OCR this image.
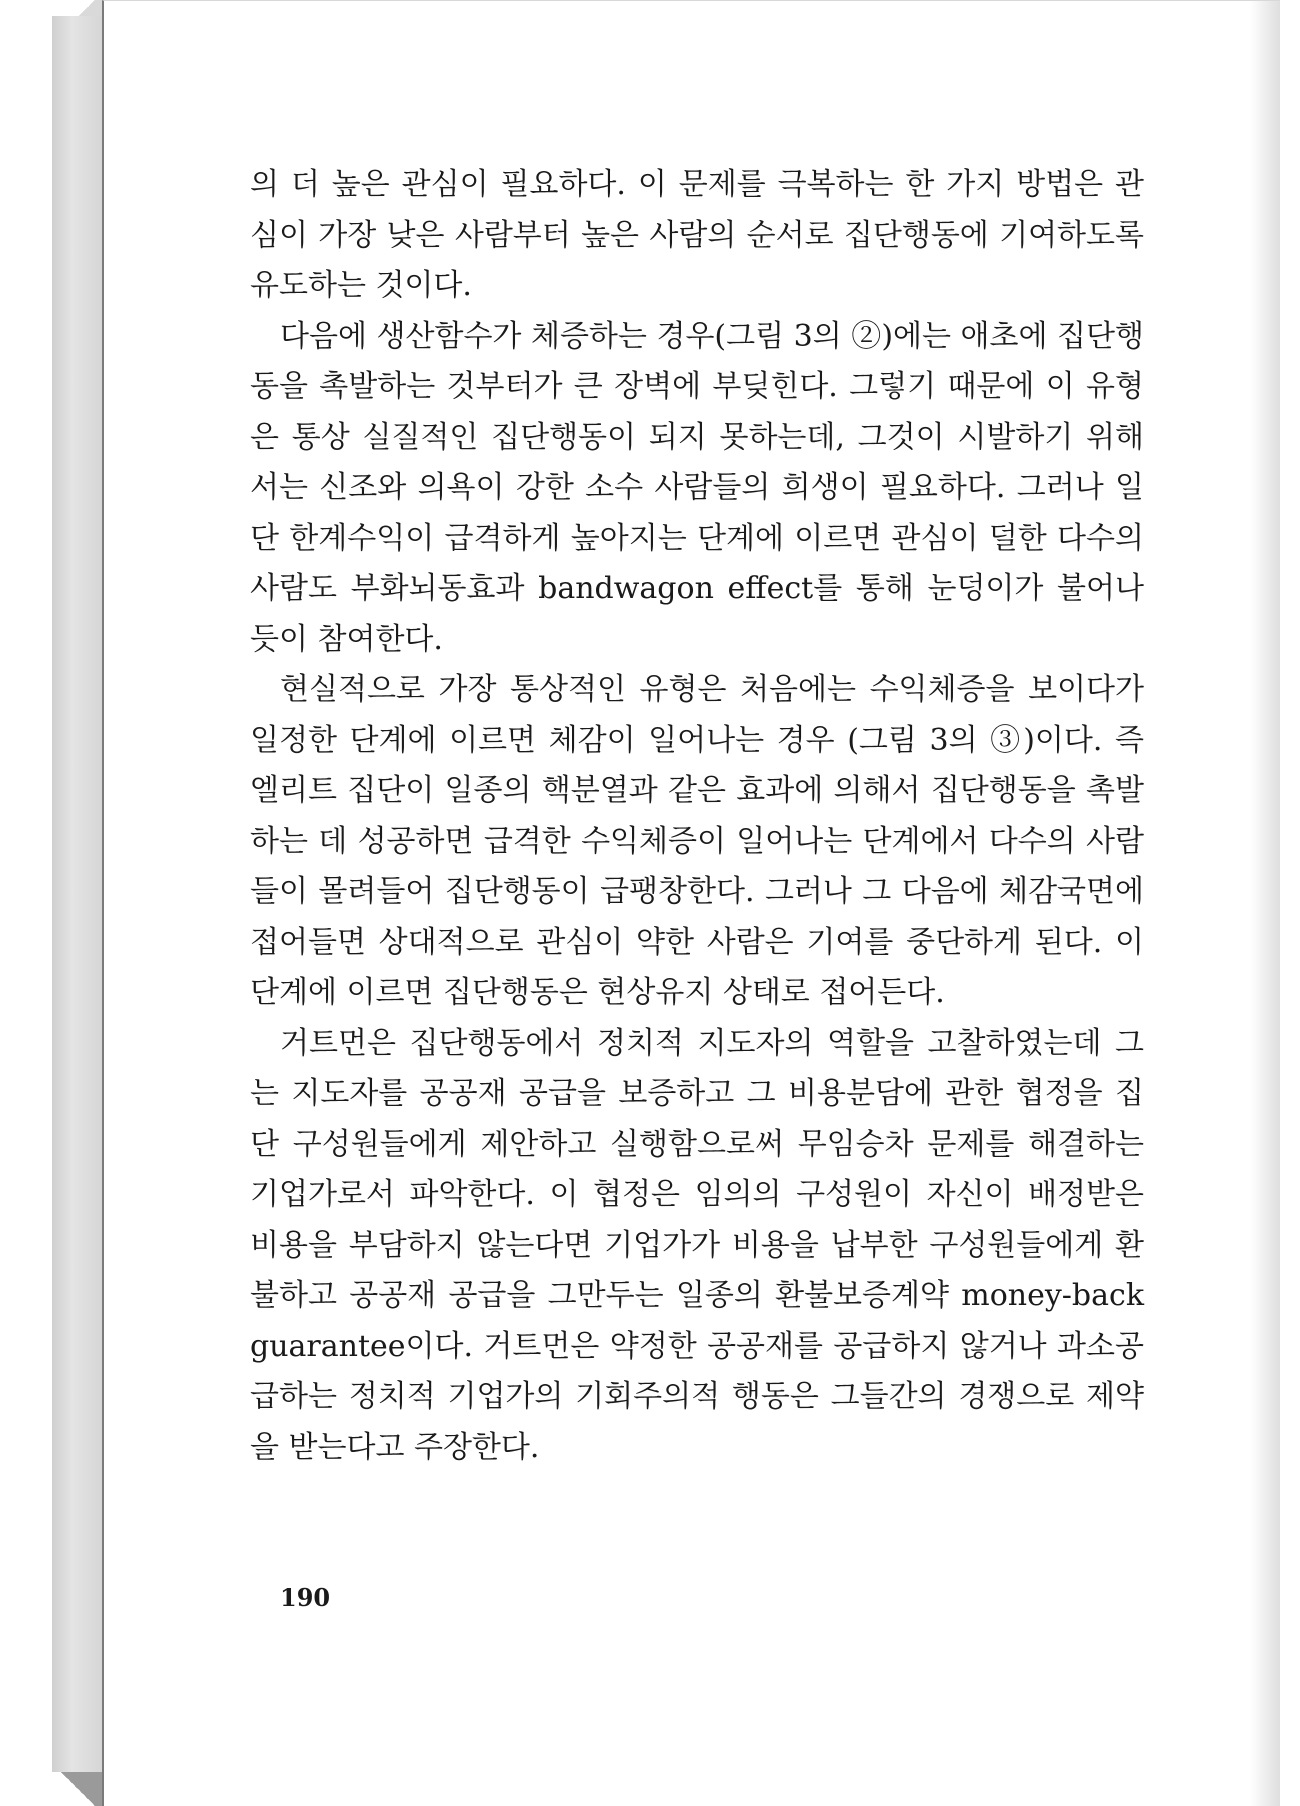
의 더 높은 관심이 필요하다. 이 문제를 극복하는 한 가지 방법은 관심이 가장 낮은 사람부터 높은 사람의 순서로 집단행동에 기여하도록 유도하는 것이다.

다음에 생산함수가 체증하는 경우(그림 3의 ②)에는 애초에 집단행동을 촉발하는 것부터가 큰 장벽에 부딪힌다. 그렇기 때문에 이 유형은 통상 실질적인 집단행동이 되지 못하는데, 그것이 시발하기 위해서는 신조와 의욕이 강한 소수 사람들의 희생이 필요하다. 그러나 일단 한계수익이 급격하게 높아지는 단계에 이르면 관심이 덜한 다수의 사람도 부화뇌동효과 bandwagon effect를 통해 눈덩이가 불어나듯이 참여한다.

현실적으로 가장 통상적인 유형은 처음에는 수익체증을 보이다가 일정한 단계에 이르면 체감이 일어나는 경우 (그림 3의 ③)이다. 즉 엘리트 집단이 일종의 핵분열과 같은 효과에 의해서 집단행동을 촉발하는 데 성공하면 급격한 수익체증이 일어나는 단계에서 다수의 사람들이 몰려들어 집단행동이 급팽창한다. 그러나 그 다음에 체감국면에 접어들면 상대적으로 관심이 약한 사람은 기여를 중단하게 된다. 이 단계에 이르면 집단행동은 현상유지 상태로 접어든다.

거트먼은 집단행동에서 정치적 지도자의 역할을 고찰하였는데 그는 지도자를 공공재 공급을 보증하고 그 비용분담에 관한 협정을 집단 구성원들에게 제안하고 실행함으로써 무임승차 문제를 해결하는 기업가로서 파악한다. 이 협정은 임의의 구성원이 자신이 배정받은 비용을 부담하지 않는다면 기업가가 비용을 납부한 구성원들에게 환불하고 공공재 공급을 그만두는 일종의 환불보증계약 money-back guarantee이다. 거트먼은 약정한 공공재를 공급하지 않거나 과소공급하는 정치적 기업가의 기회주의적 행동은 그들간의 경쟁으로 제약을 받는다고 주장한다.

190
